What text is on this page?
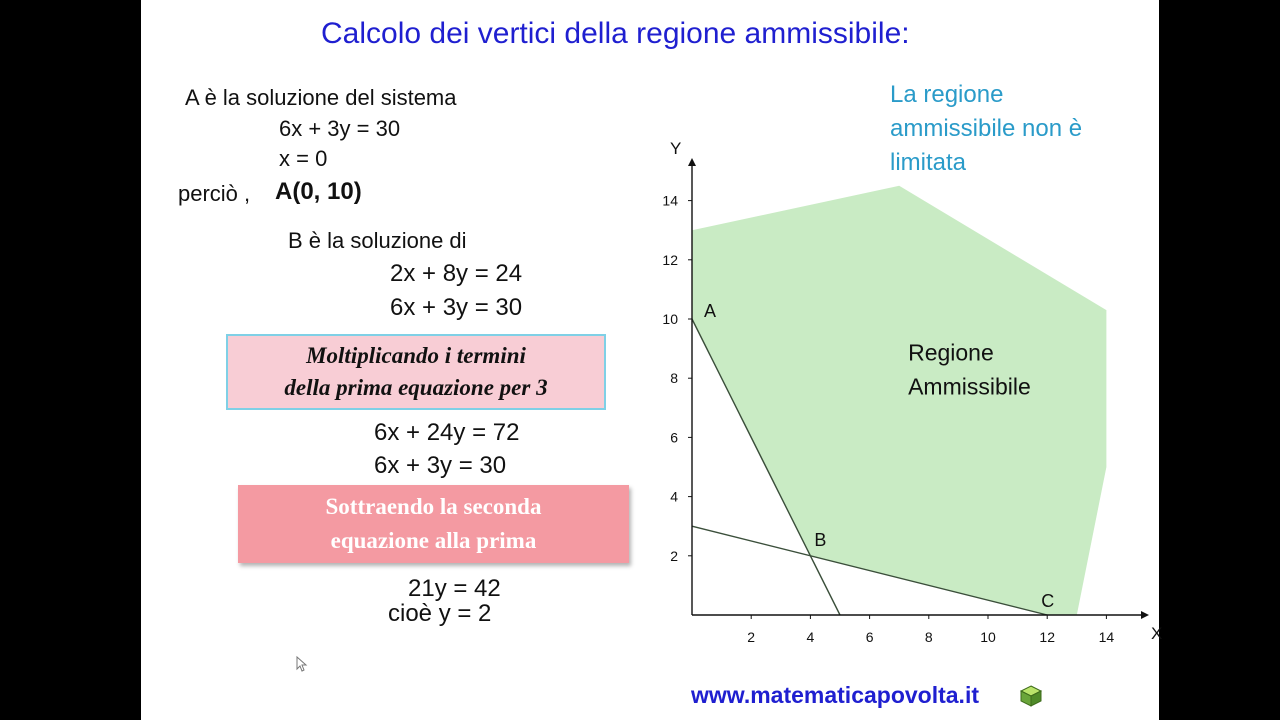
Calcolo dei vertici della regione ammissibile:
La regione
ammissibile non è
limitata
A è la soluzione del sistema
6x + 3y = 30
x = 0
perciò , A(0, 10)
B è la soluzione di
2x + 8y = 24
6x + 3y = 30
Moltiplicando i termini
della prima equazione per 3
6x + 24y = 72
6x + 3y = 30
Sottraendo la seconda
equazione alla prima
21y = 42
cioè y = 2
X
Y
2	4	6	8	10	12	14
2
4
6
8
10
12
14
A
B
C
Regione
Ammissibile
www.matematicapovolta.it
